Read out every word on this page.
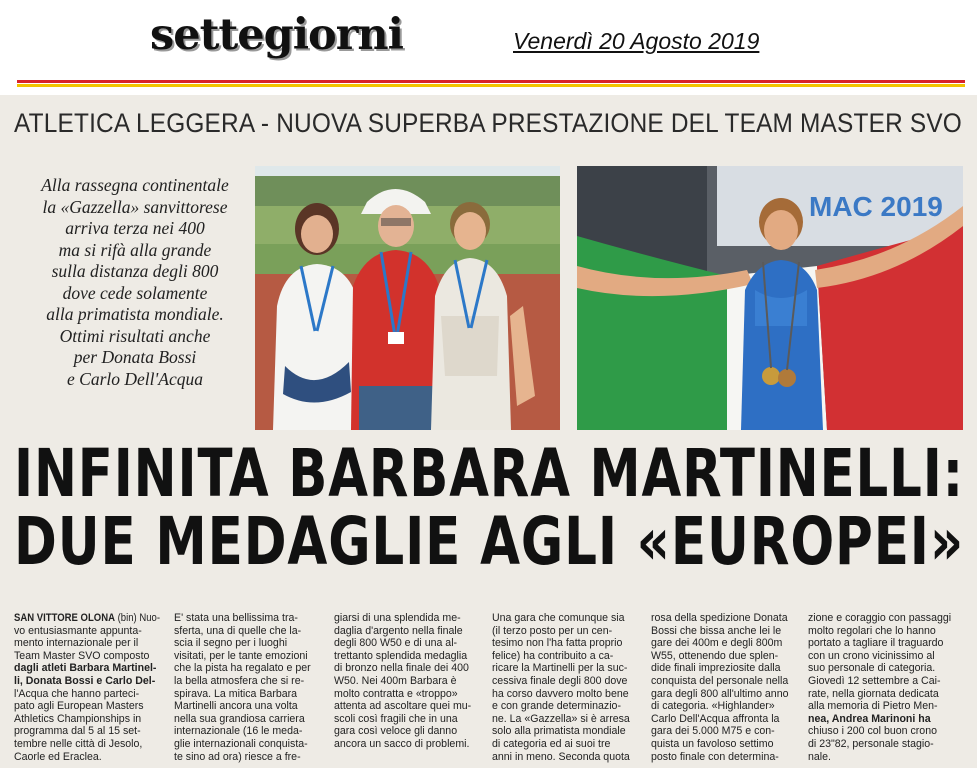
settegiorni	Venerdì 20 Agosto 2019
ATLETICA LEGGERA - NUOVA SUPERBA PRESTAZIONE DEL TEAM MASTER SVO
Alla rassegna continentale
la «Gazzella» sanvittorese
arriva terza nei 400
ma si rifà alla grande
sulla distanza degli 800
dove cede solamente
alla primatista mondiale.
Ottimi risultati anche
per Donata Bossi
e Carlo Dell'Acqua
MAC 2019
INFINITA BARBARA MARTINELLI:
DUE MEDAGLIE AGLI «EUROPEI»
SAN VITTORE OLONA (bin) Nuo-
vo entusiasmante appunta-
mento internazionale per il
Team Master SVO composto
dagli atleti Barbara Martinel-
li, Donata Bossi e Carlo Del-
l'Acqua che hanno parteci-
pato agli European Masters
Athletics Championships in
programma dal 5 al 15 set-
tembre nelle città di Jesolo,
Caorle ed Eraclea.
E' stata una bellissima tra-
sferta, una di quelle che la-
scia il segno per i luoghi
visitati, per le tante emozioni
che la pista ha regalato e per
la bella atmosfera che si re-
spirava. La mitica Barbara
Martinelli ancora una volta
nella sua grandiosa carriera
internazionale (16 le meda-
glie internazionali conquista-
te sino ad ora) riesce a fre-
giarsi di una splendida me-
daglia d'argento nella finale
degli 800 W50 e di una al-
trettanto splendida medaglia
di bronzo nella finale dei 400
W50. Nei 400m Barbara è
molto contratta e «troppo»
attenta ad ascoltare quei mu-
scoli così fragili che in una
gara così veloce gli danno
ancora un sacco di problemi.
Una gara che comunque sia
(il terzo posto per un cen-
tesimo non l'ha fatta proprio
felice) ha contribuito a ca-
ricare la Martinelli per la suc-
cessiva finale degli 800 dove
ha corso davvero molto bene
e con grande determinazio-
ne. La «Gazzella» si è arresa
solo alla primatista mondiale
di categoria ed ai suoi tre
anni in meno. Seconda quota
rosa della spedizione Donata
Bossi che bissa anche lei le
gare dei 400m e degli 800m
W55, ottenendo due splen-
dide finali impreziosite dalla
conquista del personale nella
gara degli 800 all'ultimo anno
di categoria. «Highlander»
Carlo Dell'Acqua affronta la
gara dei 5.000 M75 e con-
quista un favoloso settimo
posto finale con determina-
zione e coraggio con passaggi
molto regolari che lo hanno
portato a tagliare il traguardo
con un crono vicinissimo al
suo personale di categoria.
Giovedì 12 settembre a Cai-
rate, nella giornata dedicata
alla memoria di Pietro Men-
nea, Andrea Marinoni ha
chiuso i 200 col buon crono
di 23"82, personale stagio-
nale.
